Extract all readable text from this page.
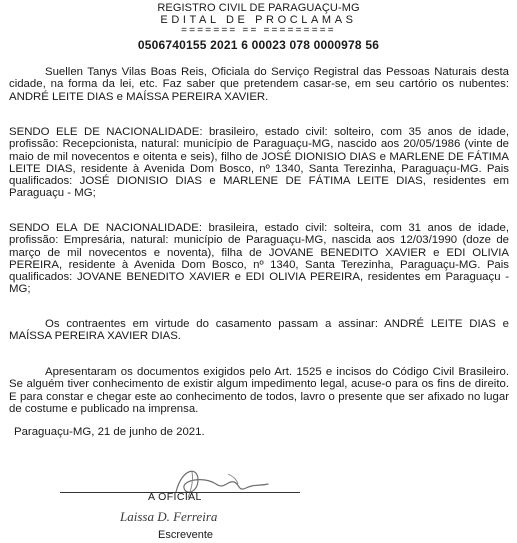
REGISTRO CIVIL DE PARAGUAÇU-MG
EDITAL DE PROCLAMAS
======= == =========
0506740155 2021 6 00023 078 0000978 56

Suellen Tanys Vilas Boas Reis, Oficiala do Serviço Registral das Pessoas Naturais desta cidade, na forma da lei, etc. Faz saber que pretendem casar-se, em seu cartório os nubentes: ANDRÉ LEITE DIAS e MAÍSSA PEREIRA XAVIER.

SENDO ELE DE NACIONALIDADE: brasileiro, estado civil: solteiro, com 35 anos de idade, profissão: Recepcionista, natural: município de Paraguaçu-MG, nascido aos 20/05/1986 (vinte de maio de mil novecentos e oitenta e seis), filho de JOSÉ DIONISIO DIAS e MARLENE DE FÁTIMA LEITE DIAS, residente à Avenida Dom Bosco, nº 1340, Santa Terezinha, Paraguaçu-MG. Pais qualificados: JOSÉ DIONISIO DIAS e MARLENE DE FÁTIMA LEITE DIAS, residentes em Paraguaçu - MG;

SENDO ELA DE NACIONALIDADE: brasileira, estado civil: solteira, com 31 anos de idade, profissão: Empresária, natural: município de Paraguaçu-MG, nascida aos 12/03/1990 (doze de março de mil novecentos e noventa), filha de JOVANE BENEDITO XAVIER e EDI OLIVIA PEREIRA, residente à Avenida Dom Bosco, nº 1340, Santa Terezinha, Paraguaçu-MG. Pais qualificados: JOVANE BENEDITO XAVIER e EDI OLIVIA PEREIRA, residentes em Paraguaçu - MG;

Os contraentes em virtude do casamento passam a assinar: ANDRÉ LEITE DIAS e MAÍSSA PEREIRA XAVIER DIAS.

Apresentaram os documentos exigidos pelo Art. 1525 e incisos do Código Civil Brasileiro. Se alguém tiver conhecimento de existir algum impedimento legal, acuse-o para os fins de direito. E para constar e chegar este ao conhecimento de todos, lavro o presente que ser afixado no lugar de costume e publicado na imprensa.

Paraguaçu-MG, 21 de junho de 2021.

A OFICIAL
Laissa D. Ferreira
Escrevente
